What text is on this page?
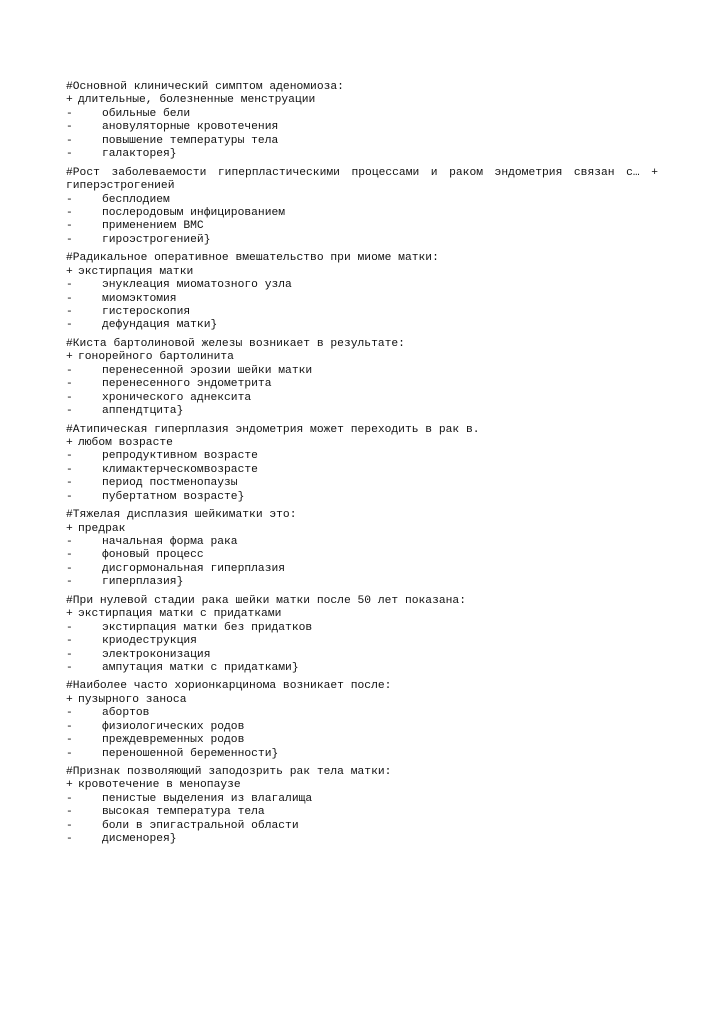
#Основной клинический симптом аденомиоза:
+ длительные, болезненные менструации
-	обильные бели
-	ановуляторные кровотечения
-	повышение температуры тела
-	галакторея}
#Рост заболеваемости гиперпластическими процессами и раком эндометрия связан с… + гиперэстрогенией
-	бесплодием
-	послеродовым инфицированием
-	применением ВМС
-	гироэстрогенией}
#Радикальное оперативное вмешательство при миоме матки:
+ экстирпация матки
-	энуклеация миоматозного узла
-	миомэктомия
-	гистероскопия
-	дефундация матки}
#Киста бартолиновой железы возникает в результате:
+ гонорейного бартолинита
-	перенесенной эрозии шейки матки
-	перенесенного эндометрита
-	хронического аднексита
-	аппендтцита}
#Атипическая гиперплазия эндометрия может переходить в рак в.
+ любом возрасте
-	репродуктивном возрасте
-	климактерческомвозрасте
-	период постменопаузы
-	пубертатном возрасте}
#Тяжелая дисплазия шейкиматки это:
+ предрак
-	начальная форма рака
-	фоновый процесс
-	дисгормональная гиперплазия
-	гиперплазия}
#При нулевой стадии рака шейки матки после 50 лет показана:
+ экстирпация матки с придатками
-	экстирпация матки без придатков
-	криодеструкция
-	электроконизация
-	ампутация матки с придатками}
#Наиболее часто хорионкарцинома возникает после:
+ пузырного заноса
-	абортов
-	физиологических родов
-	преждевременных родов
-	переношенной беременности}
#Признак позволяющий заподозрить рак тела матки:
+ кровотечение в менопаузе
-	пенистые выделения из влагалища
-	высокая температура тела
-	боли в эпигастральной области
-	дисменорея}
